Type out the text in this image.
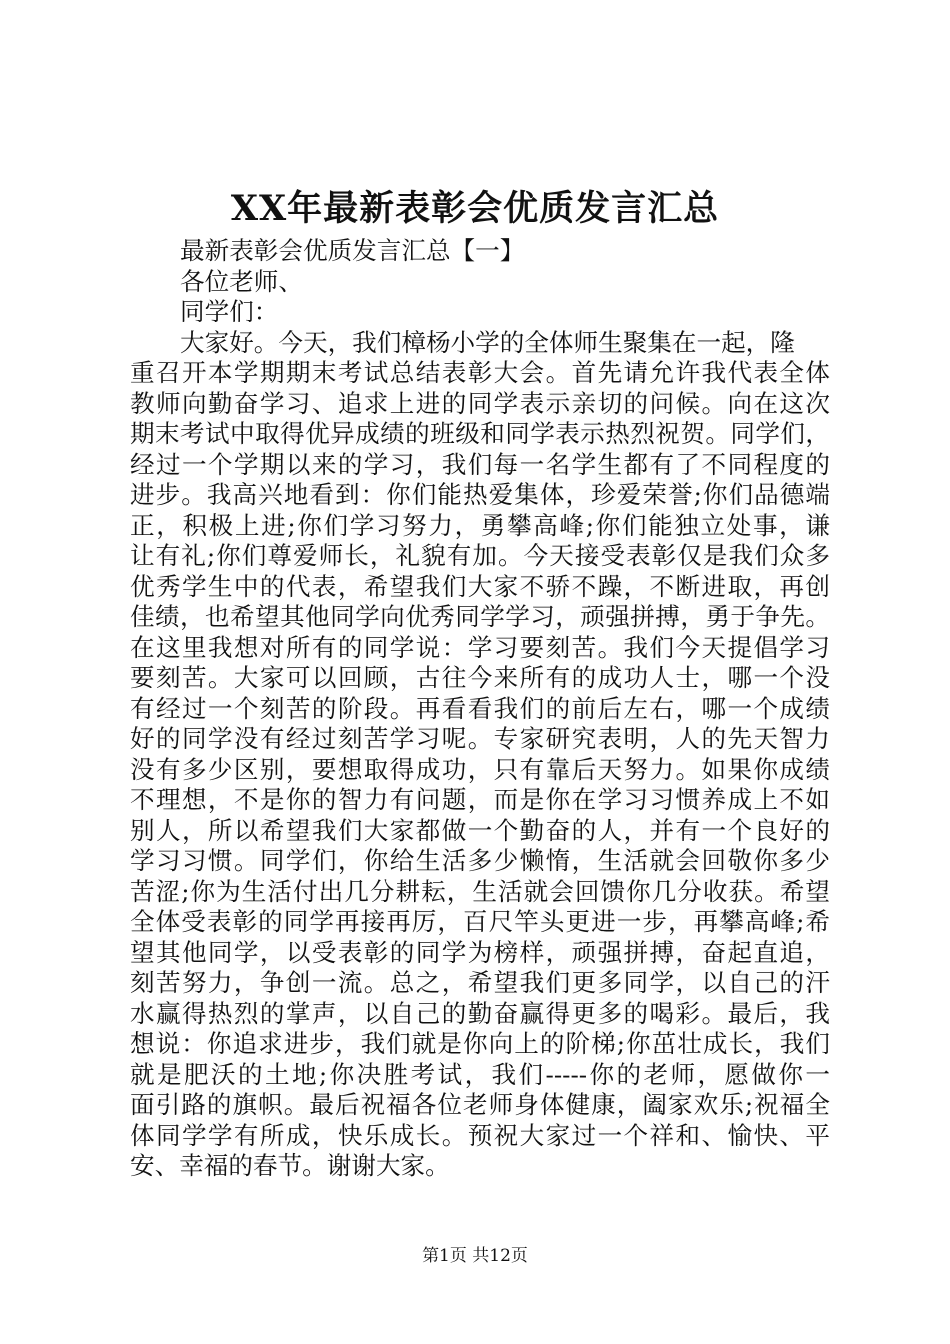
XX年最新表彰会优质发言汇总
最新表彰会优质发言汇总【一】
各位老师、
同学们：
大家好。今天，我们樟杨小学的全体师生聚集在一起，隆
重召开本学期期末考试总结表彰大会。首先请允许我代表全体
教师向勤奋学习、追求上进的同学表示亲切的问候。向在这次
期末考试中取得优异成绩的班级和同学表示热烈祝贺。同学们，
经过一个学期以来的学习，我们每一名学生都有了不同程度的
进步。我高兴地看到：你们能热爱集体，珍爱荣誉;你们品德端
正，积极上进;你们学习努力，勇攀高峰;你们能独立处事，谦
让有礼;你们尊爱师长，礼貌有加。今天接受表彰仅是我们众多
优秀学生中的代表，希望我们大家不骄不躁，不断进取，再创
佳绩，也希望其他同学向优秀同学学习，顽强拼搏，勇于争先。
在这里我想对所有的同学说：学习要刻苦。我们今天提倡学习
要刻苦。大家可以回顾，古往今来所有的成功人士，哪一个没
有经过一个刻苦的阶段。再看看我们的前后左右，哪一个成绩
好的同学没有经过刻苦学习呢。专家研究表明，人的先天智力
没有多少区别，要想取得成功，只有靠后天努力。如果你成绩
不理想，不是你的智力有问题，而是你在学习习惯养成上不如
别人，所以希望我们大家都做一个勤奋的人，并有一个良好的
学习习惯。同学们，你给生活多少懒惰，生活就会回敬你多少
苦涩;你为生活付出几分耕耘，生活就会回馈你几分收获。希望
全体受表彰的同学再接再厉，百尺竿头更进一步，再攀高峰;希
望其他同学，以受表彰的同学为榜样，顽强拼搏，奋起直追，
刻苦努力，争创一流。总之，希望我们更多同学，以自己的汗
水赢得热烈的掌声，以自己的勤奋赢得更多的喝彩。最后，我
想说：你追求进步，我们就是你向上的阶梯;你茁壮成长，我们
就是肥沃的土地;你决胜考试，我们-----你的老师，愿做你一
面引路的旗帜。最后祝福各位老师身体健康，阖家欢乐;祝福全
体同学学有所成，快乐成长。预祝大家过一个祥和、愉快、平
安、幸福的春节。谢谢大家。
第1页 共12页
